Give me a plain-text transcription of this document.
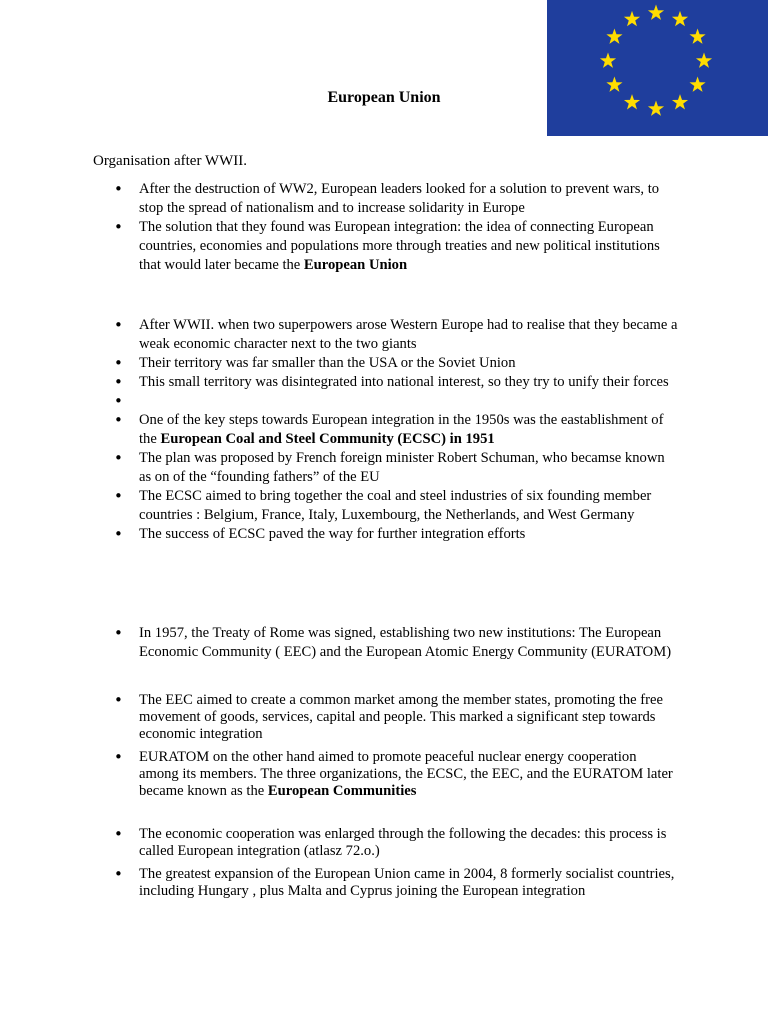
European Union
Organisation after WWII.
• After the destruction of WW2, European leaders looked for a solution to prevent wars, to stop the spread of nationalism and to increase solidarity in Europe
• The solution that they found was European integration: the idea of connecting European countries, economies and populations more through treaties and new political institutions that would later became the European Union
• After WWII. when two superpowers arose Western Europe had to realise that they became a weak economic character next to the two giants
• Their territory was far smaller than the USA or the Soviet Union
• This small territory was disintegrated into national interest, so they try to unify their forces
•
• One of the key steps towards European integration in the 1950s was the eastablishment of the European Coal and Steel Community (ECSC) in 1951
• The plan was proposed by French foreign minister Robert Schuman, who becamse known as on of the “founding fathers” of the EU
• The ECSC aimed to bring together the coal and steel industries of six founding member countries : Belgium, France, Italy, Luxembourg, the Netherlands, and West Germany
• The success of ECSC paved the way for further integration efforts
• In 1957, the Treaty of Rome was signed, establishing two new institutions: The European Economic Community ( EEC) and the European Atomic Energy Community (EURATOM)
• The EEC aimed to create a common market among the member states, promoting the free movement of goods, services, capital and people. This marked a significant step towards economic integration
• EURATOM on the other hand aimed to promote peaceful nuclear energy cooperation among its members. The three organizations, the ECSC, the EEC, and the EURATOM later became known as the European Communities
• The economic cooperation was enlarged through the following the decades: this process is called European integration (atlasz 72.o.)
• The greatest expansion of the European Union came in 2004, 8 formerly socialist countries, including Hungary , plus Malta and Cyprus joining the European integration
